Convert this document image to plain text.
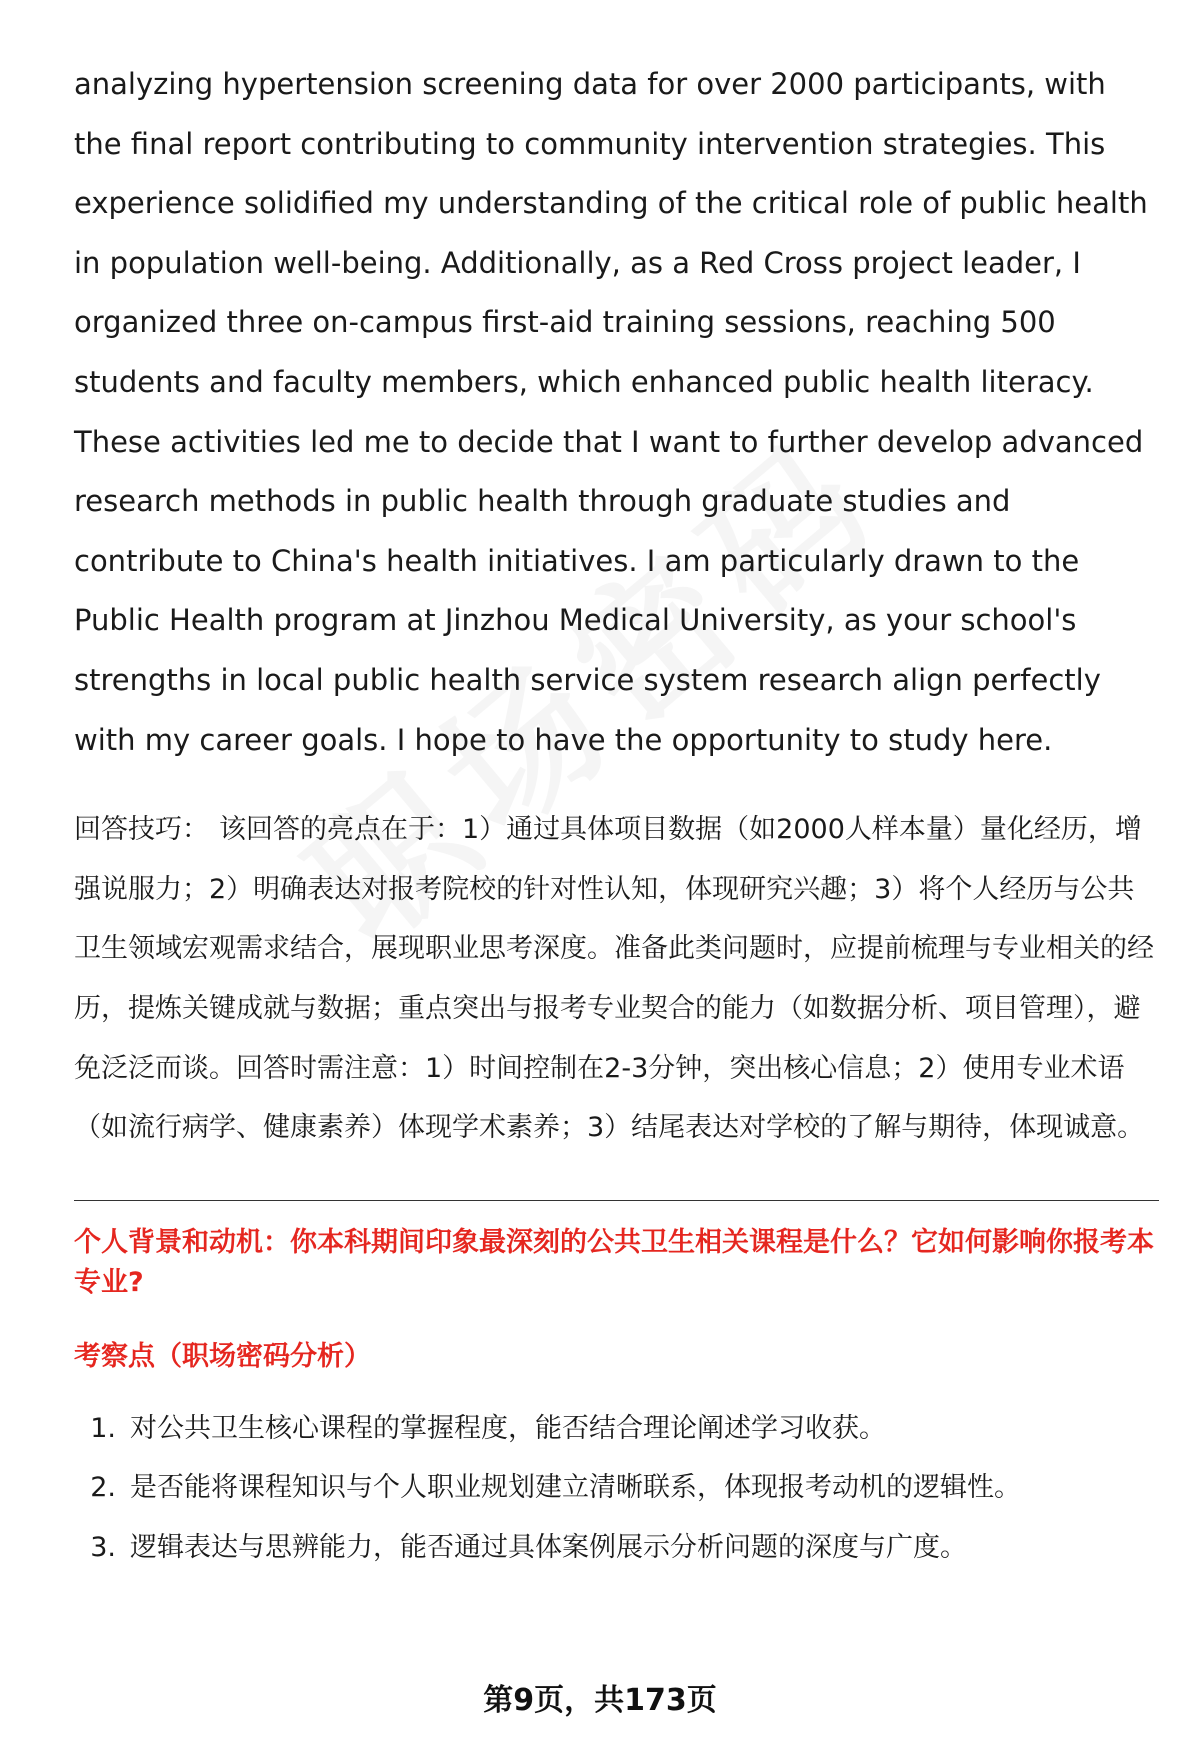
analyzing hypertension screening data for over 2000 participants, with the final report contributing to community intervention strategies. This experience solidified my understanding of the critical role of public health in population well-being. Additionally, as a Red Cross project leader, I organized three on-campus first-aid training sessions, reaching 500 students and faculty members, which enhanced public health literacy. These activities led me to decide that I want to further develop advanced research methods in public health through graduate studies and contribute to China's health initiatives. I am particularly drawn to the Public Health program at Jinzhou Medical University, as your school's strengths in local public health service system research align perfectly with my career goals. I hope to have the opportunity to study here.

回答技巧： 该回答的亮点在于：1）通过具体项目数据（如2000人样本量）量化经历，增强说服力；2）明确表达对报考院校的针对性认知，体现研究兴趣；3）将个人经历与公共卫生领域宏观需求结合，展现职业思考深度。准备此类问题时，应提前梳理与专业相关的经历，提炼关键成就与数据；重点突出与报考专业契合的能力（如数据分析、项目管理），避免泛泛而谈。回答时需注意：1）时间控制在2-3分钟，突出核心信息；2）使用专业术语（如流行病学、健康素养）体现学术素养；3）结尾表达对学校的了解与期待，体现诚意。

个人背景和动机：你本科期间印象最深刻的公共卫生相关课程是什么？它如何影响你报考本专业?

考察点（职场密码分析）
1. 对公共卫生核心课程的掌握程度，能否结合理论阐述学习收获。
2. 是否能将课程知识与个人职业规划建立清晰联系，体现报考动机的逻辑性。
3. 逻辑表达与思辨能力，能否通过具体案例展示分析问题的深度与广度。
第9页，共173页
